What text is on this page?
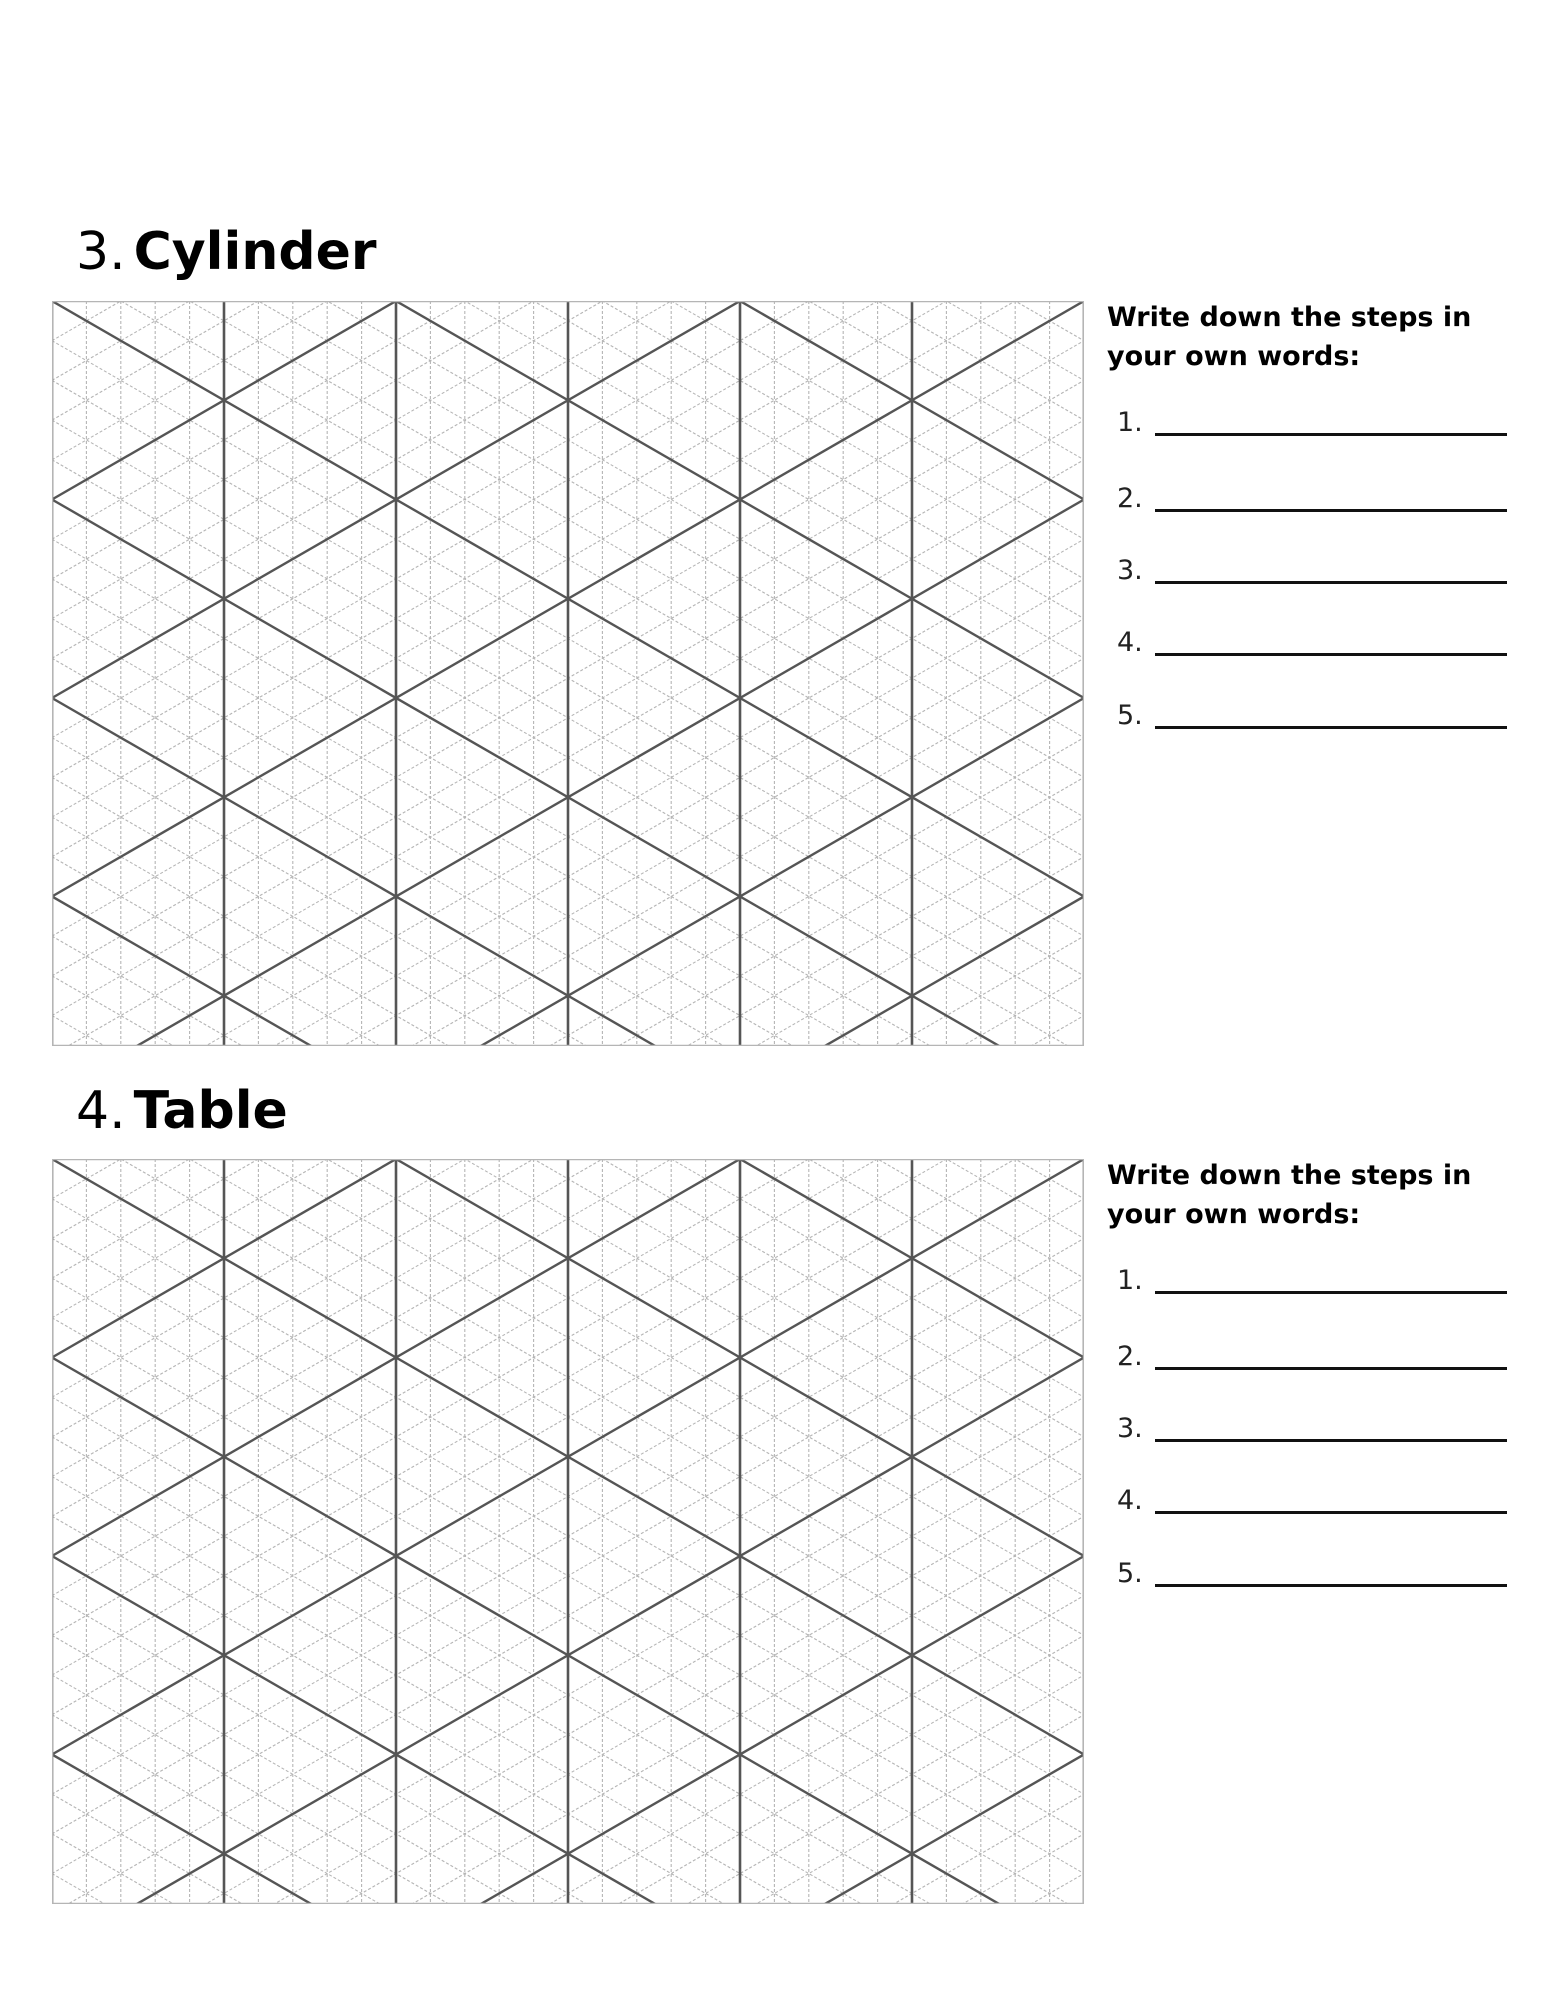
3. Cylinder

Write down the steps in
your own words:

1.
2.
3.
4.
5.
4. Table

Write down the steps in
your own words:

1.
2.
3.
4.
5.
